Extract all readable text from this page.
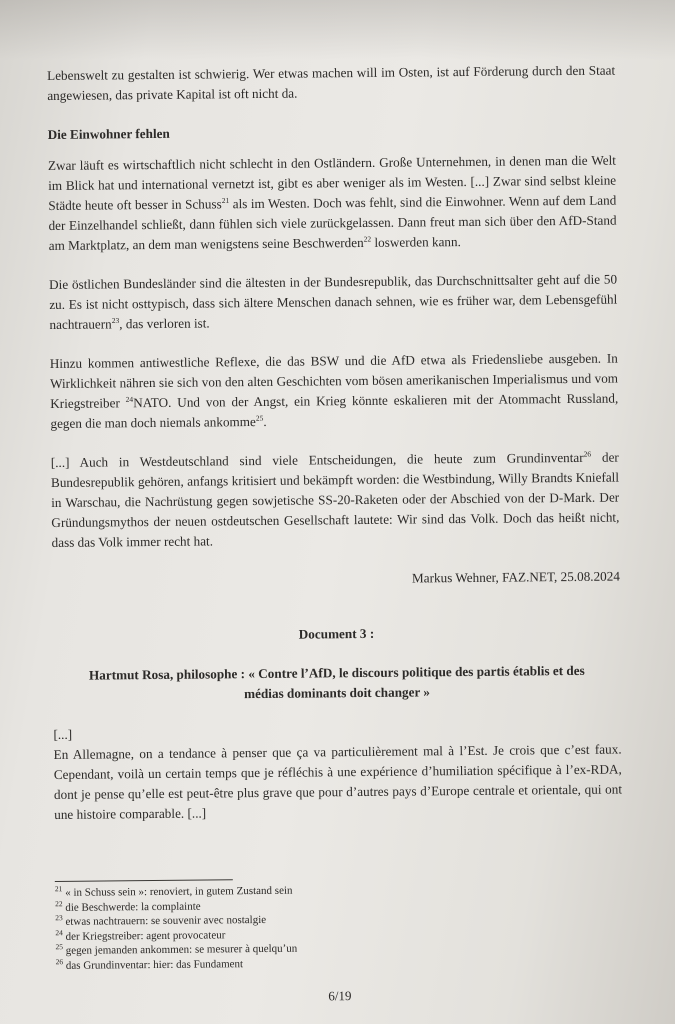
Lebenswelt zu gestalten ist schwierig. Wer etwas machen will im Osten, ist auf Förderung durch den Staat angewiesen, das private Kapital ist oft nicht da.

Die Einwohner fehlen

Zwar läuft es wirtschaftlich nicht schlecht in den Ostländern. Große Unternehmen, in denen man die Welt im Blick hat und international vernetzt ist, gibt es aber weniger als im Westen. [...] Zwar sind selbst kleine Städte heute oft besser in Schuss$^{21}$ als im Westen. Doch was fehlt, sind die Einwohner. Wenn auf dem Land der Einzelhandel schließt, dann fühlen sich viele zurückgelassen. Dann freut man sich über den AfD-Stand am Marktplatz, an dem man wenigstens seine Beschwerden$^{22}$ loswerden kann.

Die östlichen Bundesländer sind die ältesten in der Bundesrepublik, das Durchschnittsalter geht auf die 50 zu. Es ist nicht osttypisch, dass sich ältere Menschen danach sehnen, wie es früher war, dem Lebensgefühl nachtrauern$^{23}$, das verloren ist.

Hinzu kommen antiwestliche Reflexe, die das BSW und die AfD etwa als Friedensliebe ausgeben. In Wirklichkeit nähren sie sich von den alten Geschichten vom bösen amerikanischen Imperialismus und vom Kriegstreiber $^{24}$NATO. Und von der Angst, ein Krieg könnte eskalieren mit der Atommacht Russland, gegen die man doch niemals ankomme$^{25}$.

[...] Auch in Westdeutschland sind viele Entscheidungen, die heute zum Grundinventar$^{26}$ der Bundesrepublik gehören, anfangs kritisiert und bekämpft worden: die Westbindung, Willy Brandts Kniefall in Warschau, die Nachrüstung gegen sowjetische SS-20-Raketen oder der Abschied von der D-Mark. Der Gründungsmythos der neuen ostdeutschen Gesellschaft lautete: Wir sind das Volk. Doch das heißt nicht, dass das Volk immer recht hat.

Markus Wehner, FAZ.NET, 25.08.2024
Document 3 :
Hartmut Rosa, philosophe : « Contre l’AfD, le discours politique des partis établis et des médias dominants doit changer »

[...]

En Allemagne, on a tendance à penser que ça va particulièrement mal à l’Est. Je crois que c’est faux. Cependant, voilà un certain temps que je réfléchis à une expérience d’humiliation spécifique à l’ex-RDA, dont je pense qu’elle est peut-être plus grave que pour d’autres pays d’Europe centrale et orientale, qui ont une histoire comparable. [...]

$^{21}$ « in Schuss sein »: renoviert, in gutem Zustand sein
$^{22}$ die Beschwerde: la complainte
$^{23}$ etwas nachtrauern: se souvenir avec nostalgie
$^{24}$ der Kriegstreiber: agent provocateur
$^{25}$ gegen jemanden ankommen: se mesurer à quelqu’un
$^{26}$ das Grundinventar: hier: das Fundament
6/19
